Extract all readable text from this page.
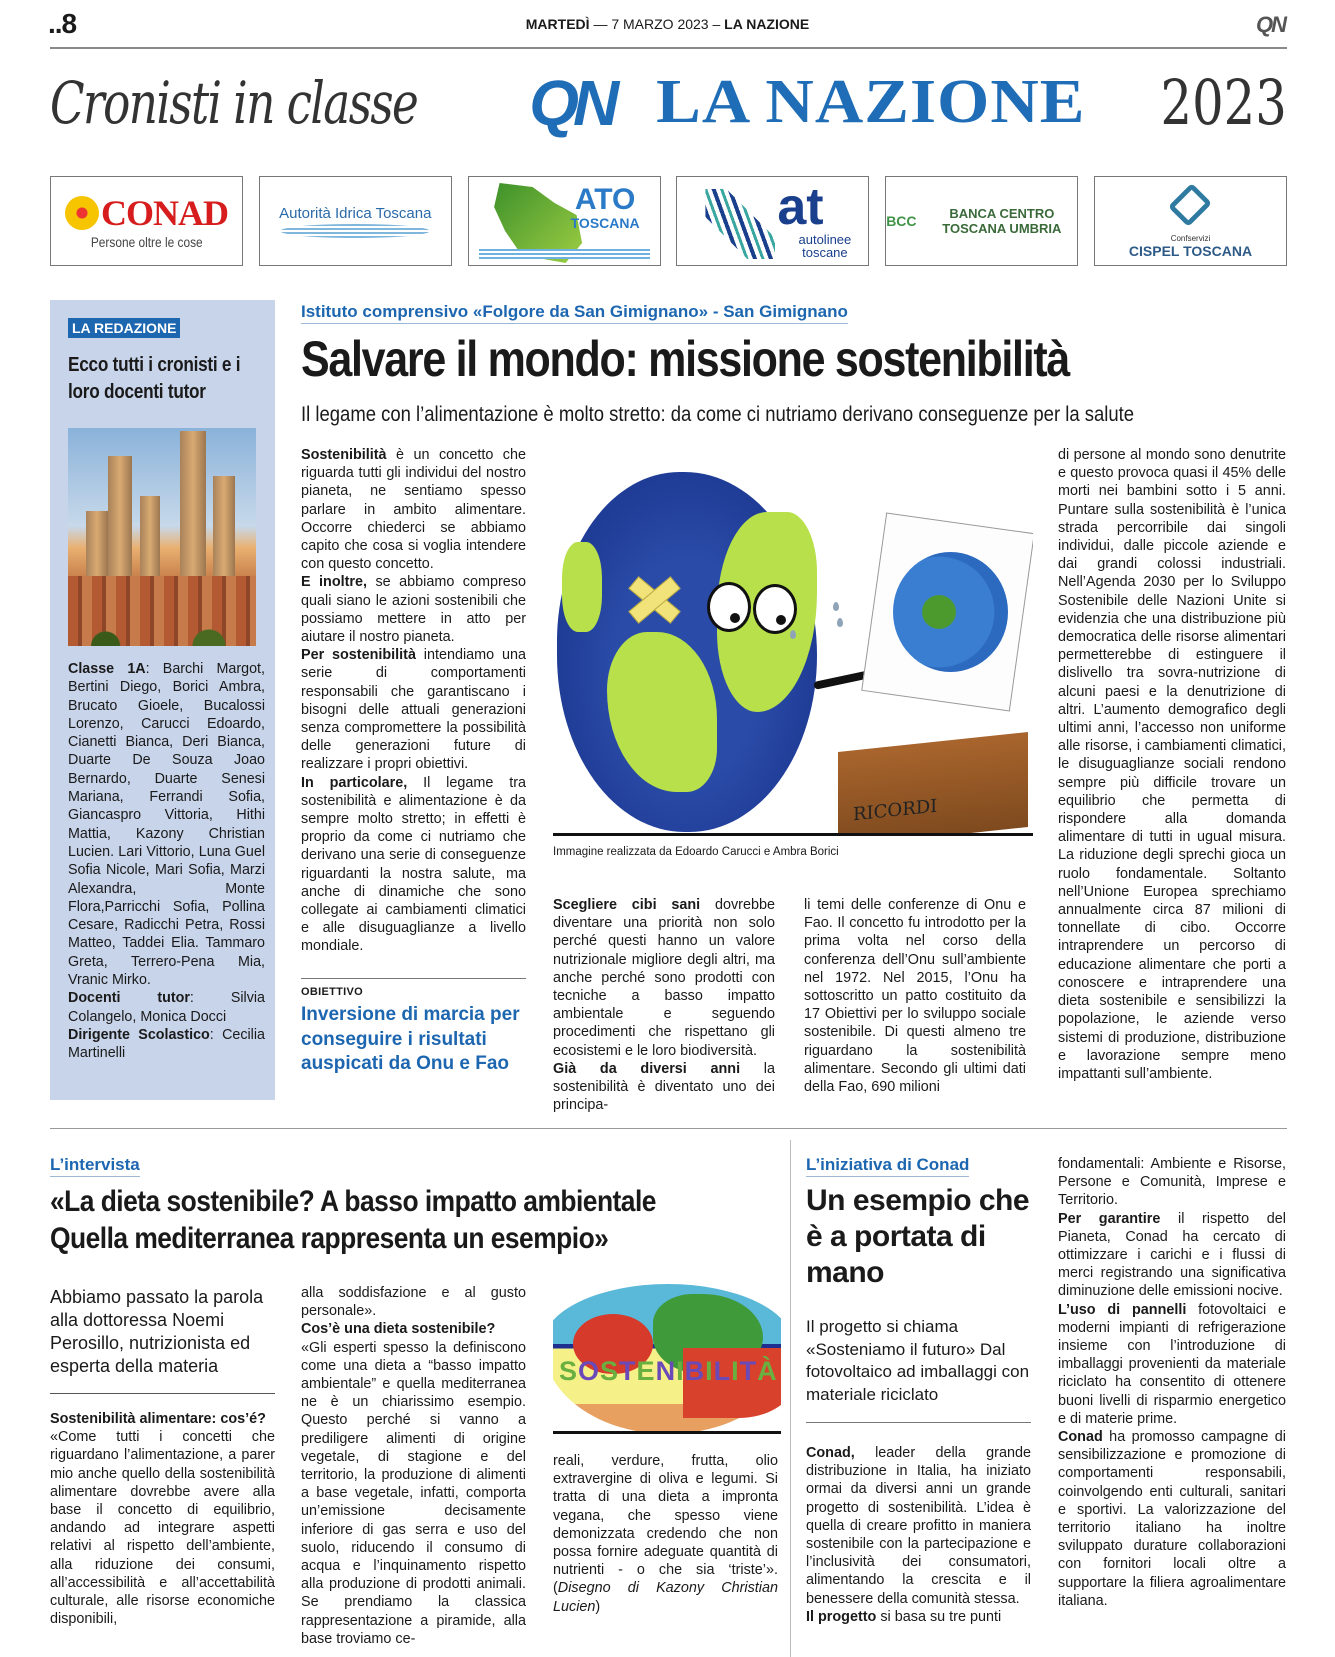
..8	MARTEDÌ — 7 MARZO 2023 – LA NAZIONE	QN
Cronisti in classe QN LA NAZIONE 2023
CONAD
Persone oltre le cose
Autorità Idrica Toscana	ATO
TOSCANA	at
autolinee toscane
BCC	BANCA CENTRO TOSCANA UMBRIA
Confservizi
CISPEL TOSCANA
LA REDAZIONE
Ecco tutti i cronisti e i loro docenti tutor
Classe 1A: Barchi Margot, Bertini Diego, Borici Ambra, Brucato Gioele, Bucalossi Lorenzo, Carucci Edoardo, Cianetti Bianca, Deri Bianca, Duarte De Souza Joao Bernardo, Duarte Senesi Mariana, Ferrandi Sofia, Giancaspro Vittoria, Hithi Mattia, Kazony Christian Lucien. Lari Vittorio, Luna Guel Sofia Nicole, Mari Sofia, Marzi Alexandra, Monte Flora,Parricchi Sofia, Pollina Cesare, Radicchi Petra, Rossi Matteo, Taddei Elia. Tammaro Greta, Terrero-Pena Mia, Vranic Mirko.
Docenti tutor: Silvia Colangelo, Monica Docci
Dirigente Scolastico: Cecilia Martinelli
Istituto comprensivo «Folgore da San Gimignano» - San Gimignano
Salvare il mondo: missione sostenibilità
Il legame con l’alimentazione è molto stretto: da come ci nutriamo derivano conseguenze per la salute

Sostenibilità è un concetto che riguarda tutti gli individui del nostro pianeta, ne sentiamo spesso parlare in ambito alimentare. Occorre chiederci se abbiamo capito che cosa si voglia intendere con questo concetto.

E inoltre, se abbiamo compreso quali siano le azioni sostenibili che possiamo mettere in atto per aiutare il nostro pianeta.

Per sostenibilità intendiamo una serie di comportamenti responsabili che garantiscano i bisogni delle attuali generazioni senza compromettere la possibilità delle generazioni future di realizzare i propri obiettivi.

In particolare, Il legame tra sostenibilità e alimentazione è da sempre molto stretto; in effetti è proprio da come ci nutriamo che derivano una serie di conseguenze riguardanti la nostra salute, ma anche di dinamiche che sono collegate ai cambiamenti climatici e alle disuguaglianze a livello mondiale.

OBIETTIVO
Inversione di marcia per conseguire i risultati auspicati da Onu e Fao
RICORDI
Immagine realizzata da Edoardo Carucci e Ambra Borici

Scegliere cibi sani dovrebbe diventare una priorità non solo perché questi hanno un valore nutrizionale migliore degli altri, ma anche perché sono prodotti con tecniche a basso impatto ambientale e seguendo procedimenti che rispettano gli ecosistemi e le loro biodiversità.

Già da diversi anni la sostenibilità è diventato uno dei principa-

li temi delle conferenze di Onu e Fao. Il concetto fu introdotto per la prima volta nel corso della conferenza dell’Onu sull’ambiente nel 1972. Nel 2015, l’Onu ha sottoscritto un patto costituito da 17 Obiettivi per lo sviluppo sociale sostenibile. Di questi almeno tre riguardano la sostenibilità alimentare. Secondo gli ultimi dati della Fao, 690 milioni
di persone al mondo sono denutrite e questo provoca quasi il 45% delle morti nei bambini sotto i 5 anni. Puntare sulla sostenibilità è l’unica strada percorribile dai singoli individui, dalle piccole aziende e dai grandi colossi industriali. Nell’Agenda 2030 per lo Sviluppo Sostenibile delle Nazioni Unite si evidenzia che una distribuzione più democratica delle risorse alimentari permetterebbe di estinguere il dislivello tra sovra-nutrizione di alcuni paesi e la denutrizione di altri. L’aumento demografico degli ultimi anni, l’accesso non uniforme alle risorse, i cambiamenti climatici, le disuguaglianze sociali rendono sempre più difficile trovare un equilibrio che permetta di rispondere alla domanda alimentare di tutti in ugual misura. La riduzione degli sprechi gioca un ruolo fondamentale. Soltanto nell’Unione Europea sprechiamo annualmente circa 87 milioni di tonnellate di cibo. Occorre intraprendere un percorso di educazione alimentare che porti a conoscere e intraprendere una dieta sostenibile e sensibilizzi la popolazione, le aziende verso sistemi di produzione, distribuzione e lavorazione sempre meno impattanti sull’ambiente.
L’intervista
«La dieta sostenibile? A basso impatto ambientale
Quella mediterranea rappresenta un esempio»
Abbiamo passato la parola alla dottoressa Noemi Perosillo, nutrizionista ed esperta della materia

Sostenibilità alimentare: cos’é?

«Come tutti i concetti che riguardano l’alimentazione, a parer mio anche quello della sostenibilità alimentare dovrebbe avere alla base il concetto di equilibrio, andando ad integrare aspetti relativi al rispetto dell’ambiente, alla riduzione dei consumi, all’accessibilità e all’accettabilità culturale, alle risorse economiche disponibili,

alla soddisfazione e al gusto personale».

Cos’è una dieta sostenibile?

«Gli esperti spesso la definiscono come una dieta a “basso impatto ambientale” e quella mediterranea ne è un chiarissimo esempio. Questo perché si vanno a prediligere alimenti di origine vegetale, di stagione e del territorio, la produzione di alimenti a base vegetale, infatti, comporta un’emissione decisamente inferiore di gas serra e uso del suolo, riducendo il consumo di acqua e l’inquinamento rispetto alla produzione di prodotti animali. Se prendiamo la classica rappresentazione a piramide, alla base troviamo ce-

SOSTENIBILITÀ
reali, verdure, frutta, olio extravergine di oliva e legumi. Si tratta di una dieta a impronta vegana, che spesso viene demonizzata credendo che non possa fornire adeguate quantità di nutrienti - o che sia ‘triste’». (Disegno di Kazony Christian Lucien)
L’iniziativa di Conad
Un esempio che è a portata di mano
Il progetto si chiama «Sosteniamo il futuro» Dal fotovoltaico ad imballaggi con materiale riciclato

Conad, leader della grande distribuzione in Italia, ha iniziato ormai da diversi anni un grande progetto di sostenibilità. L’idea è quella di creare profitto in maniera sostenibile con la partecipazione e l’inclusività dei consumatori, alimentando la crescita e il benessere della comunità stessa.

Il progetto si basa su tre punti

fondamentali: Ambiente e Risorse, Persone e Comunità, Imprese e Territorio.

Per garantire il rispetto del Pianeta, Conad ha cercato di ottimizzare i carichi e i flussi di merci registrando una significativa diminuzione delle emissioni nocive.

L’uso di pannelli fotovoltaici e moderni impianti di refrigerazione insieme con l’introduzione di imballaggi provenienti da materiale riciclato ha consentito di ottenere buoni livelli di risparmio energetico e di materie prime.

Conad ha promosso campagne di sensibilizzazione e promozione di comportamenti responsabili, coinvolgendo enti culturali, sanitari e sportivi. La valorizzazione del territorio italiano ha inoltre sviluppato durature collaborazioni con fornitori locali oltre a supportare la filiera agroalimentare italiana.
